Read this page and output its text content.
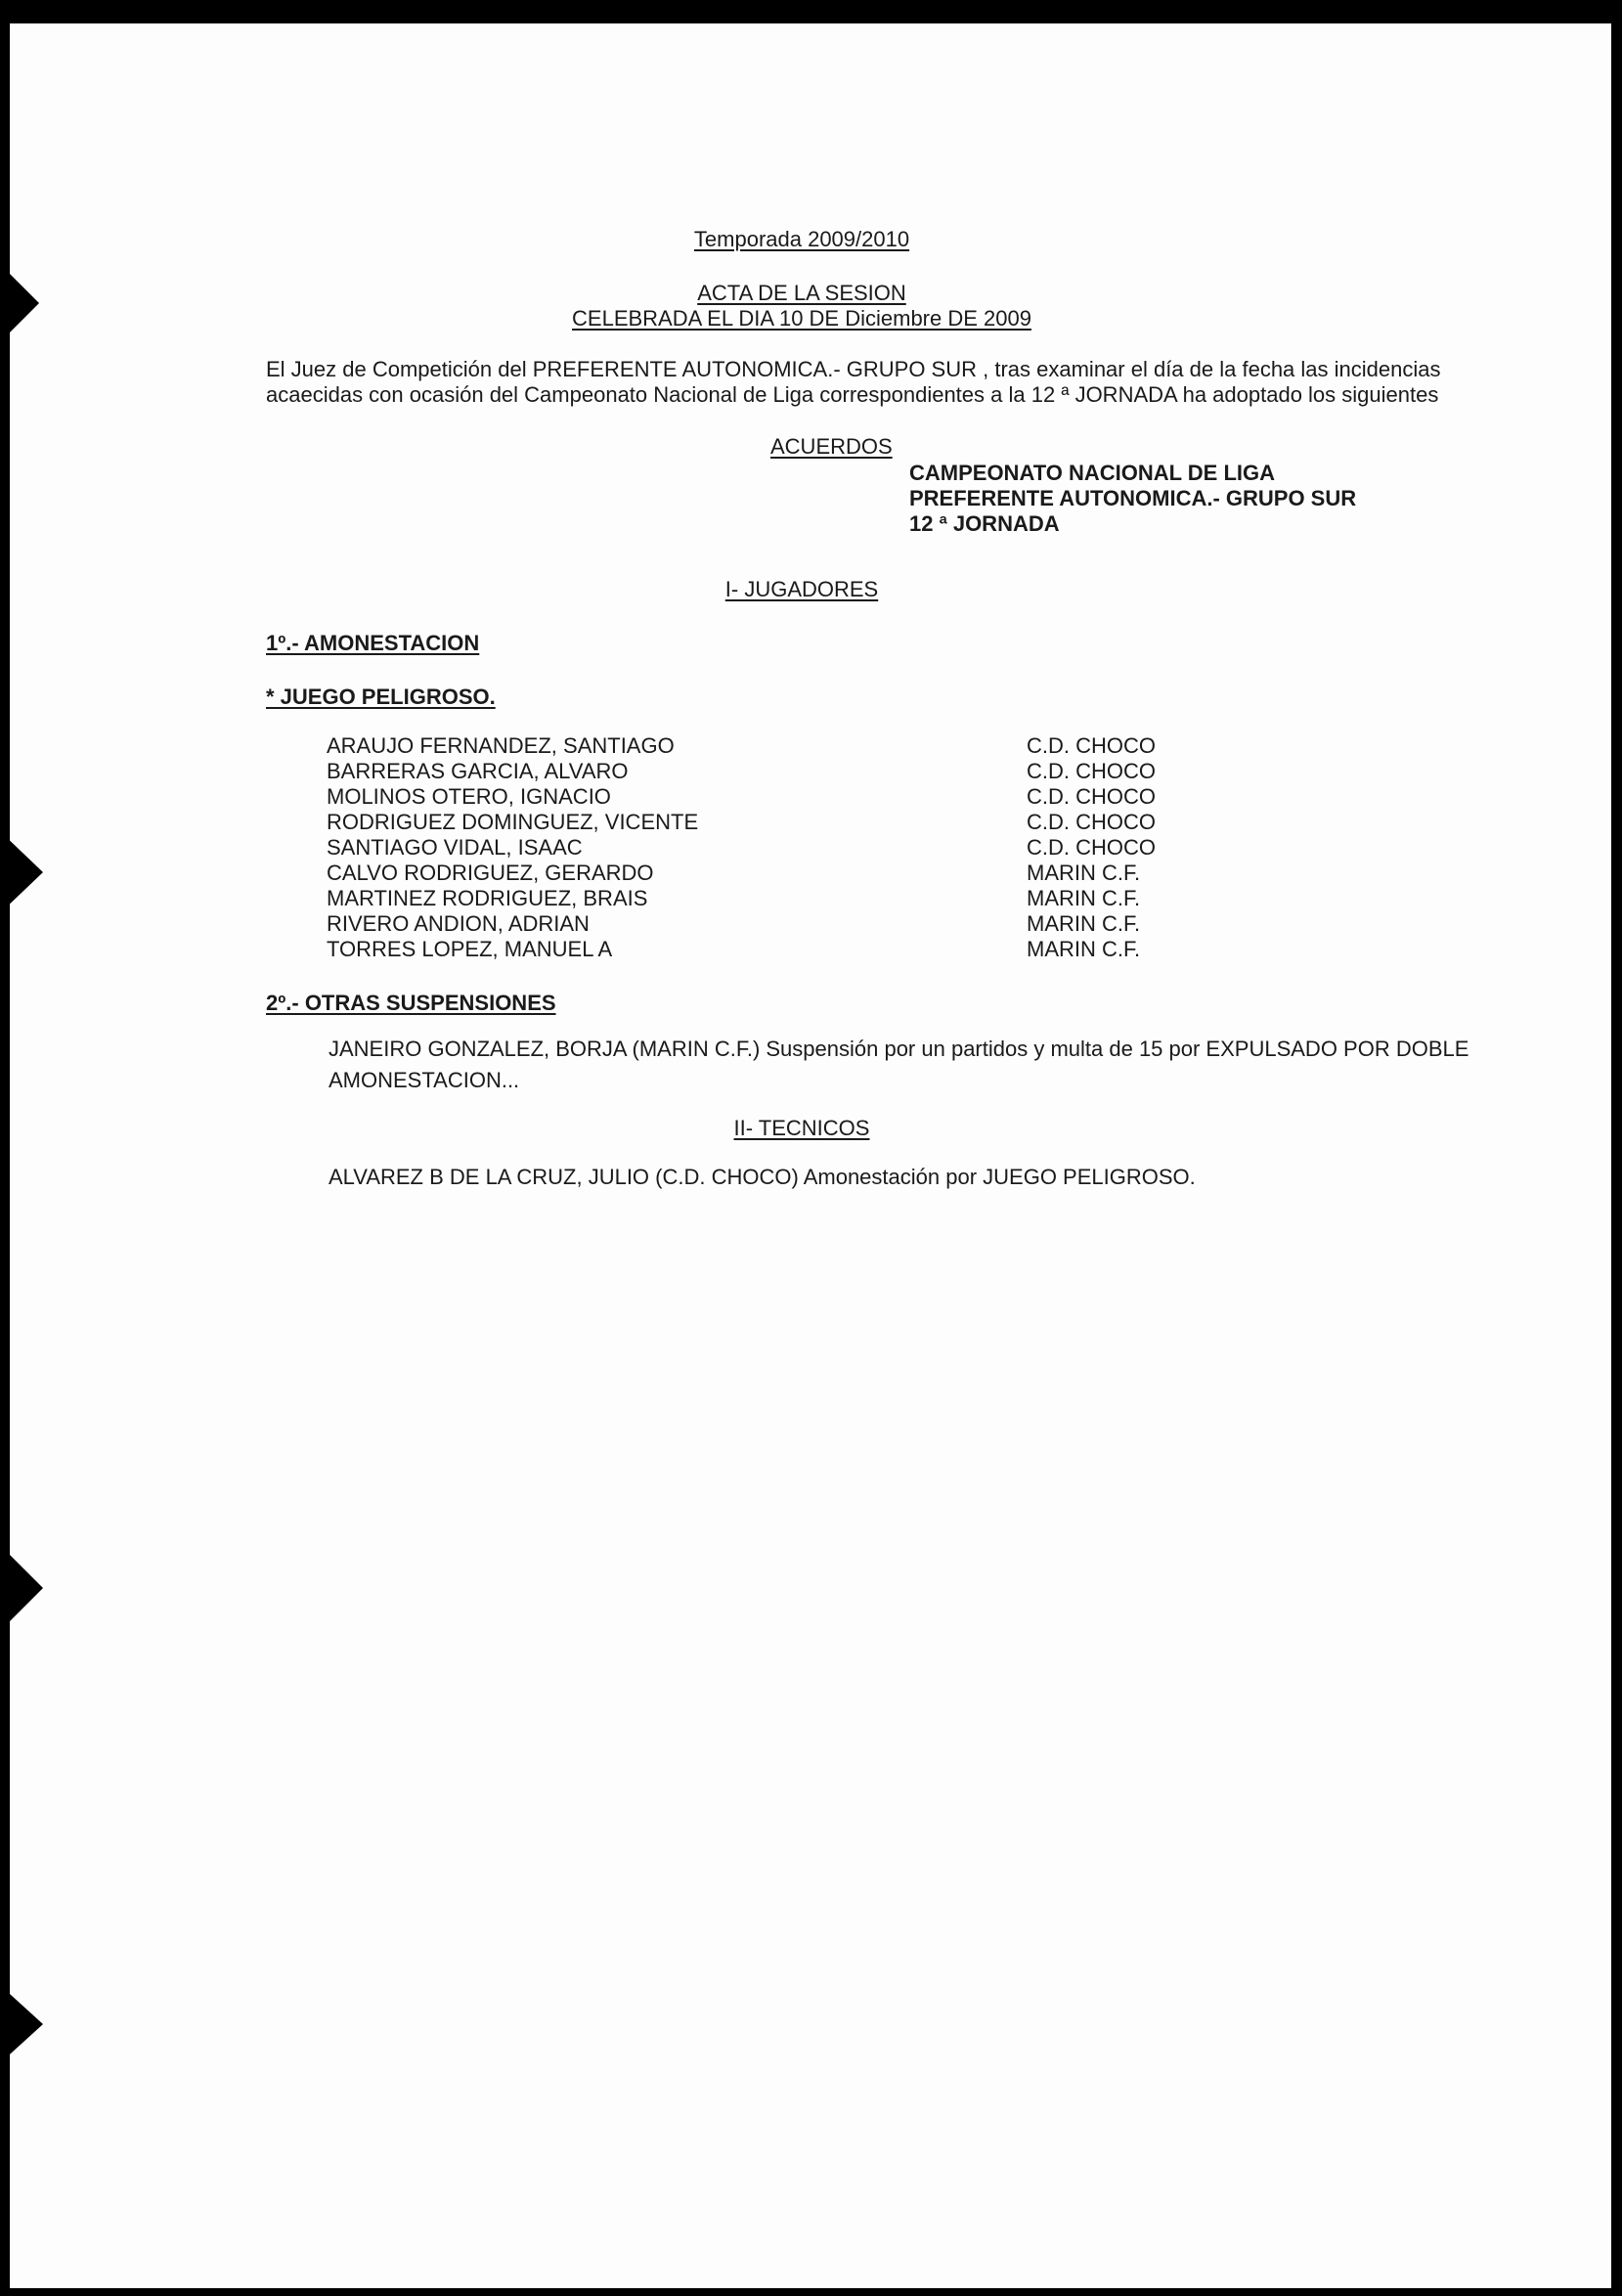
Temporada 2009/2010
ACTA DE LA SESION
CELEBRADA EL DIA 10 DE Diciembre DE 2009
El Juez de Competición del PREFERENTE AUTONOMICA.- GRUPO SUR , tras examinar el día de la fecha las incidencias
acaecidas con ocasión del Campeonato Nacional de Liga correspondientes a la 12 ª JORNADA ha adoptado los siguientes
ACUERDOS
CAMPEONATO NACIONAL DE LIGA
PREFERENTE AUTONOMICA.- GRUPO SUR
12 ª JORNADA
I- JUGADORES
1º.- AMONESTACION
* JUEGO PELIGROSO.
ARAUJO FERNANDEZ, SANTIAGO	C.D. CHOCO
BARRERAS GARCIA, ALVARO	C.D. CHOCO
MOLINOS OTERO, IGNACIO	C.D. CHOCO
RODRIGUEZ DOMINGUEZ, VICENTE	C.D. CHOCO
SANTIAGO VIDAL, ISAAC	C.D. CHOCO
CALVO RODRIGUEZ, GERARDO	MARIN C.F.
MARTINEZ RODRIGUEZ, BRAIS	MARIN C.F.
RIVERO ANDION, ADRIAN	MARIN C.F.
TORRES LOPEZ, MANUEL A	MARIN C.F.
2º.- OTRAS SUSPENSIONES
JANEIRO GONZALEZ, BORJA (MARIN C.F.) Suspensión por un partidos y multa de 15 por EXPULSADO POR DOBLE
AMONESTACION...
II- TECNICOS
ALVAREZ B DE LA CRUZ, JULIO (C.D. CHOCO) Amonestación por JUEGO PELIGROSO.
